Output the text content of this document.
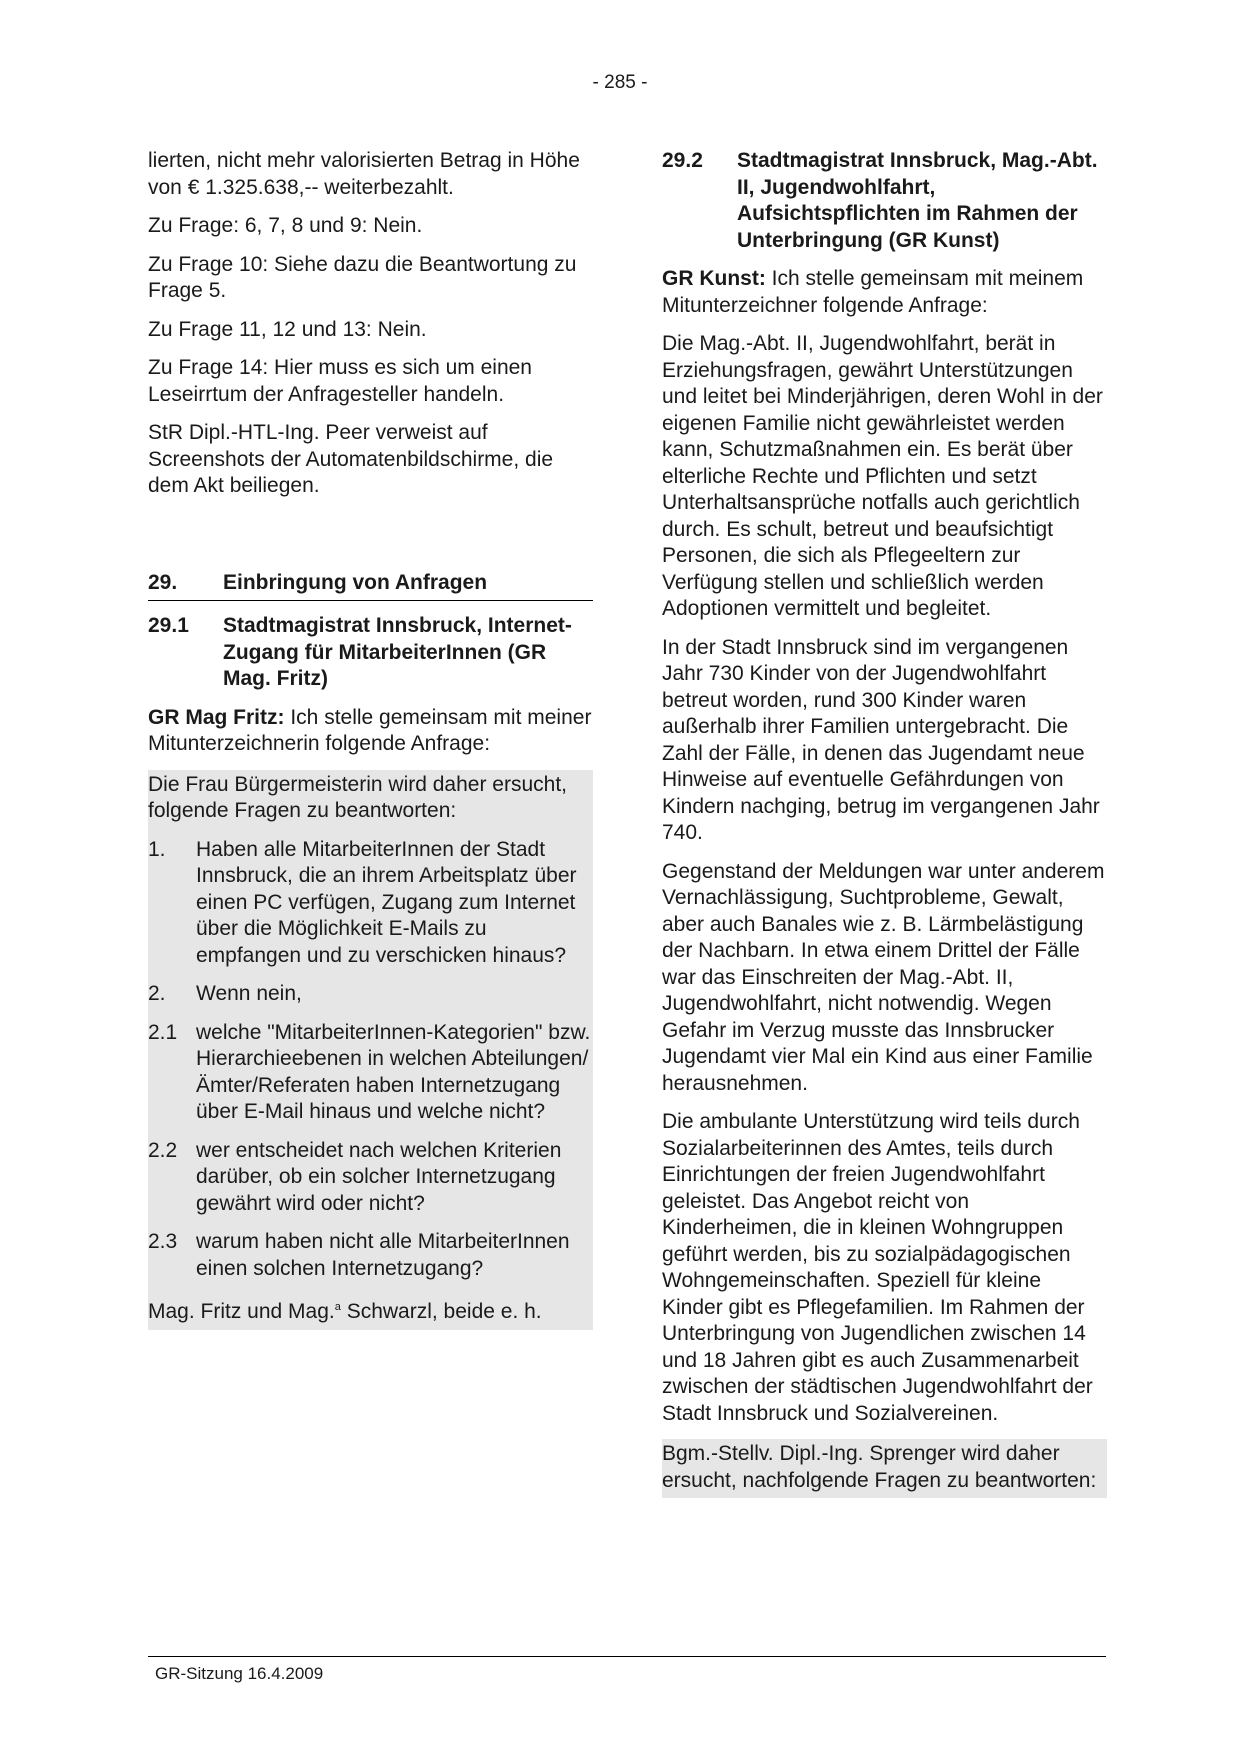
- 285 -

lierten, nicht mehr valorisierten Betrag in Höhe von € 1.325.638,-- weiterbezahlt.

Zu Frage: 6, 7, 8 und 9: Nein.

Zu Frage 10: Siehe dazu die Beantwortung zu Frage 5.

Zu Frage 11, 12 und 13: Nein.

Zu Frage 14: Hier muss es sich um einen Leseirrtum der Anfragesteller handeln.

StR Dipl.-HTL-Ing. Peer verweist auf Screenshots der Automatenbildschirme, die dem Akt beiliegen.

29.	Einbringung von Anfragen
29.1	Stadtmagistrat Innsbruck, Internet-Zugang für MitarbeiterInnen (GR Mag. Fritz)

GR Mag Fritz: Ich stelle gemeinsam mit meiner Mitunterzeichnerin folgende Anfrage:

Die Frau Bürgermeisterin wird daher ersucht, folgende Fragen zu beantworten:

1.	Haben alle MitarbeiterInnen der Stadt Innsbruck, die an ihrem Arbeitsplatz über einen PC verfügen, Zugang zum Internet über die Möglichkeit E-Mails zu empfangen und zu verschicken hinaus?
2.	Wenn nein,
2.1 welche "MitarbeiterInnen-Kategorien" bzw. Hierarchieebenen in welchen Abteilungen/Ämter/Referaten haben Internetzugang über E-Mail hinaus und welche nicht?
2.2 wer entscheidet nach welchen Kriterien darüber, ob ein solcher Internetzugang gewährt wird oder nicht?
2.3 warum haben nicht alle MitarbeiterInnen einen solchen Internetzugang?

Mag. Fritz und Mag.$^a$ Schwarzl, beide e. h.

29.2	Stadtmagistrat Innsbruck, Mag.-Abt. II, Jugendwohlfahrt, Aufsichtspflichten im Rahmen der Unterbringung (GR Kunst)

GR Kunst: Ich stelle gemeinsam mit meinem Mitunterzeichner folgende Anfrage:

Die Mag.-Abt. II, Jugendwohlfahrt, berät in Erziehungsfragen, gewährt Unterstützungen und leitet bei Minderjährigen, deren Wohl in der eigenen Familie nicht gewährleistet werden kann, Schutzmaßnahmen ein. Es berät über elterliche Rechte und Pflichten und setzt Unterhaltsansprüche notfalls auch gerichtlich durch. Es schult, betreut und beaufsichtigt Personen, die sich als Pflegeeltern zur Verfügung stellen und schließlich werden Adoptionen vermittelt und begleitet.

In der Stadt Innsbruck sind im vergangenen Jahr 730 Kinder von der Jugendwohlfahrt betreut worden, rund 300 Kinder waren außerhalb ihrer Familien untergebracht. Die Zahl der Fälle, in denen das Jugendamt neue Hinweise auf eventuelle Gefährdungen von Kindern nachging, betrug im vergangenen Jahr 740.

Gegenstand der Meldungen war unter anderem Vernachlässigung, Suchtprobleme, Gewalt, aber auch Banales wie z. B. Lärmbelästigung der Nachbarn. In etwa einem Drittel der Fälle war das Einschreiten der Mag.-Abt. II, Jugendwohlfahrt, nicht notwendig. Wegen Gefahr im Verzug musste das Innsbrucker Jugendamt vier Mal ein Kind aus einer Familie herausnehmen.

Die ambulante Unterstützung wird teils durch Sozialarbeiterinnen des Amtes, teils durch Einrichtungen der freien Jugendwohlfahrt geleistet. Das Angebot reicht von Kinderheimen, die in kleinen Wohngruppen geführt werden, bis zu sozialpädagogischen Wohngemeinschaften. Speziell für kleine Kinder gibt es Pflegefamilien. Im Rahmen der Unterbringung von Jugendlichen zwischen 14 und 18 Jahren gibt es auch Zusammenarbeit zwischen der städtischen Jugendwohlfahrt der Stadt Innsbruck und Sozialvereinen.

Bgm.-Stellv. Dipl.-Ing. Sprenger wird daher ersucht, nachfolgende Fragen zu beantworten:

GR-Sitzung 16.4.2009
